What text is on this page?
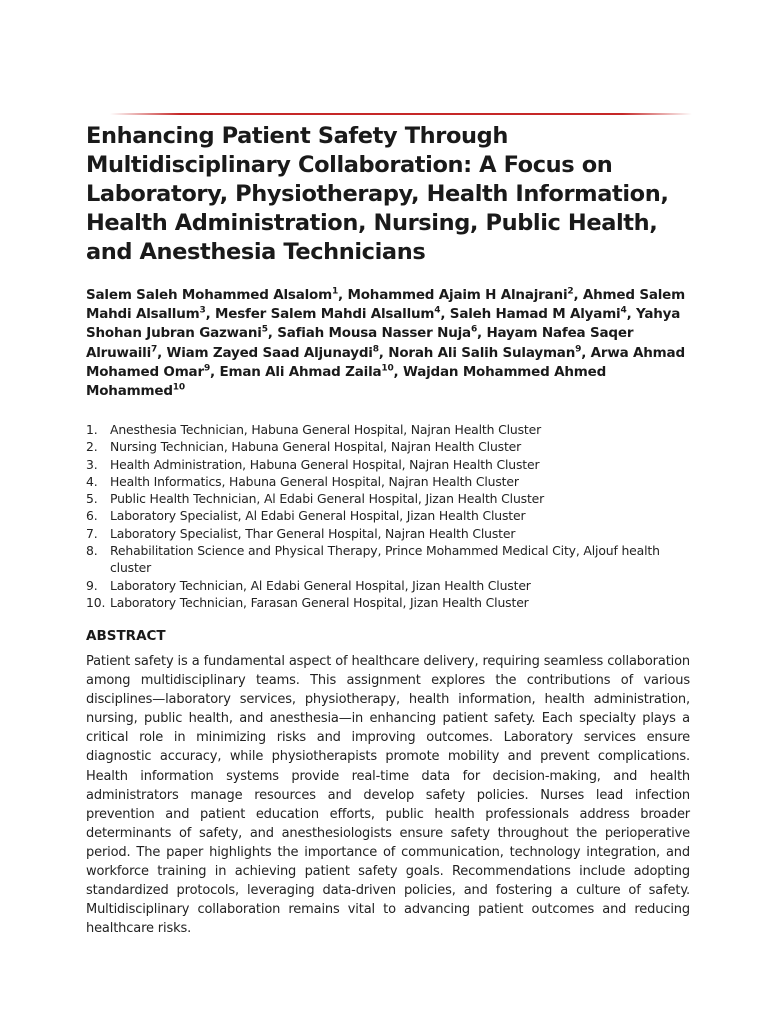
Enhancing Patient Safety Through Multidisciplinary Collaboration: A Focus on Laboratory, Physiotherapy, Health Information, Health Administration, Nursing, Public Health, and Anesthesia Technicians

Salem Saleh Mohammed Alsalom$^1$, Mohammed Ajaim H Alnajrani$^2$, Ahmed Salem Mahdi Alsallum$^3$, Mesfer Salem Mahdi Alsallum$^4$, Saleh Hamad M Alyami$^4$, Yahya Shohan Jubran Gazwani$^5$, Safiah Mousa Nasser Nuja$^6$, Hayam Nafea Saqer Alruwaili$^7$, Wiam Zayed Saad Aljunaydi$^8$, Norah Ali Salih Sulayman$^9$, Arwa Ahmad Mohamed Omar$^9$, Eman Ali Ahmad Zaila$^{10}$, Wajdan Mohammed Ahmed Mohammed$^{10}$

1.	Anesthesia Technician, Habuna General Hospital, Najran Health Cluster
2.	Nursing Technician, Habuna General Hospital, Najran Health Cluster
3.	Health Administration, Habuna General Hospital, Najran Health Cluster
4.	Health Informatics, Habuna General Hospital, Najran Health Cluster
5.	Public Health Technician, Al Edabi General Hospital, Jizan Health Cluster
6.	Laboratory Specialist, Al Edabi General Hospital, Jizan Health Cluster
7.	Laboratory Specialist, Thar General Hospital, Najran Health Cluster
8.	Rehabilitation Science and Physical Therapy, Prince Mohammed Medical City, Aljouf health cluster
9.	Laboratory Technician, Al Edabi General Hospital, Jizan Health Cluster
10. Laboratory Technician, Farasan General Hospital, Jizan Health Cluster
ABSTRACT

Patient safety is a fundamental aspect of healthcare delivery, requiring seamless collaboration among multidisciplinary teams. This assignment explores the contributions of various disciplines—laboratory services, physiotherapy, health information, health administration, nursing, public health, and anesthesia—in enhancing patient safety. Each specialty plays a critical role in minimizing risks and improving outcomes. Laboratory services ensure diagnostic accuracy, while physiotherapists promote mobility and prevent complications. Health information systems provide real-time data for decision-making, and health administrators manage resources and develop safety policies. Nurses lead infection prevention and patient education efforts, public health professionals address broader determinants of safety, and anesthesiologists ensure safety throughout the perioperative period. The paper highlights the importance of communication, technology integration, and workforce training in achieving patient safety goals. Recommendations include adopting standardized protocols, leveraging data-driven policies, and fostering a culture of safety. Multidisciplinary collaboration remains vital to advancing patient outcomes and reducing healthcare risks.
